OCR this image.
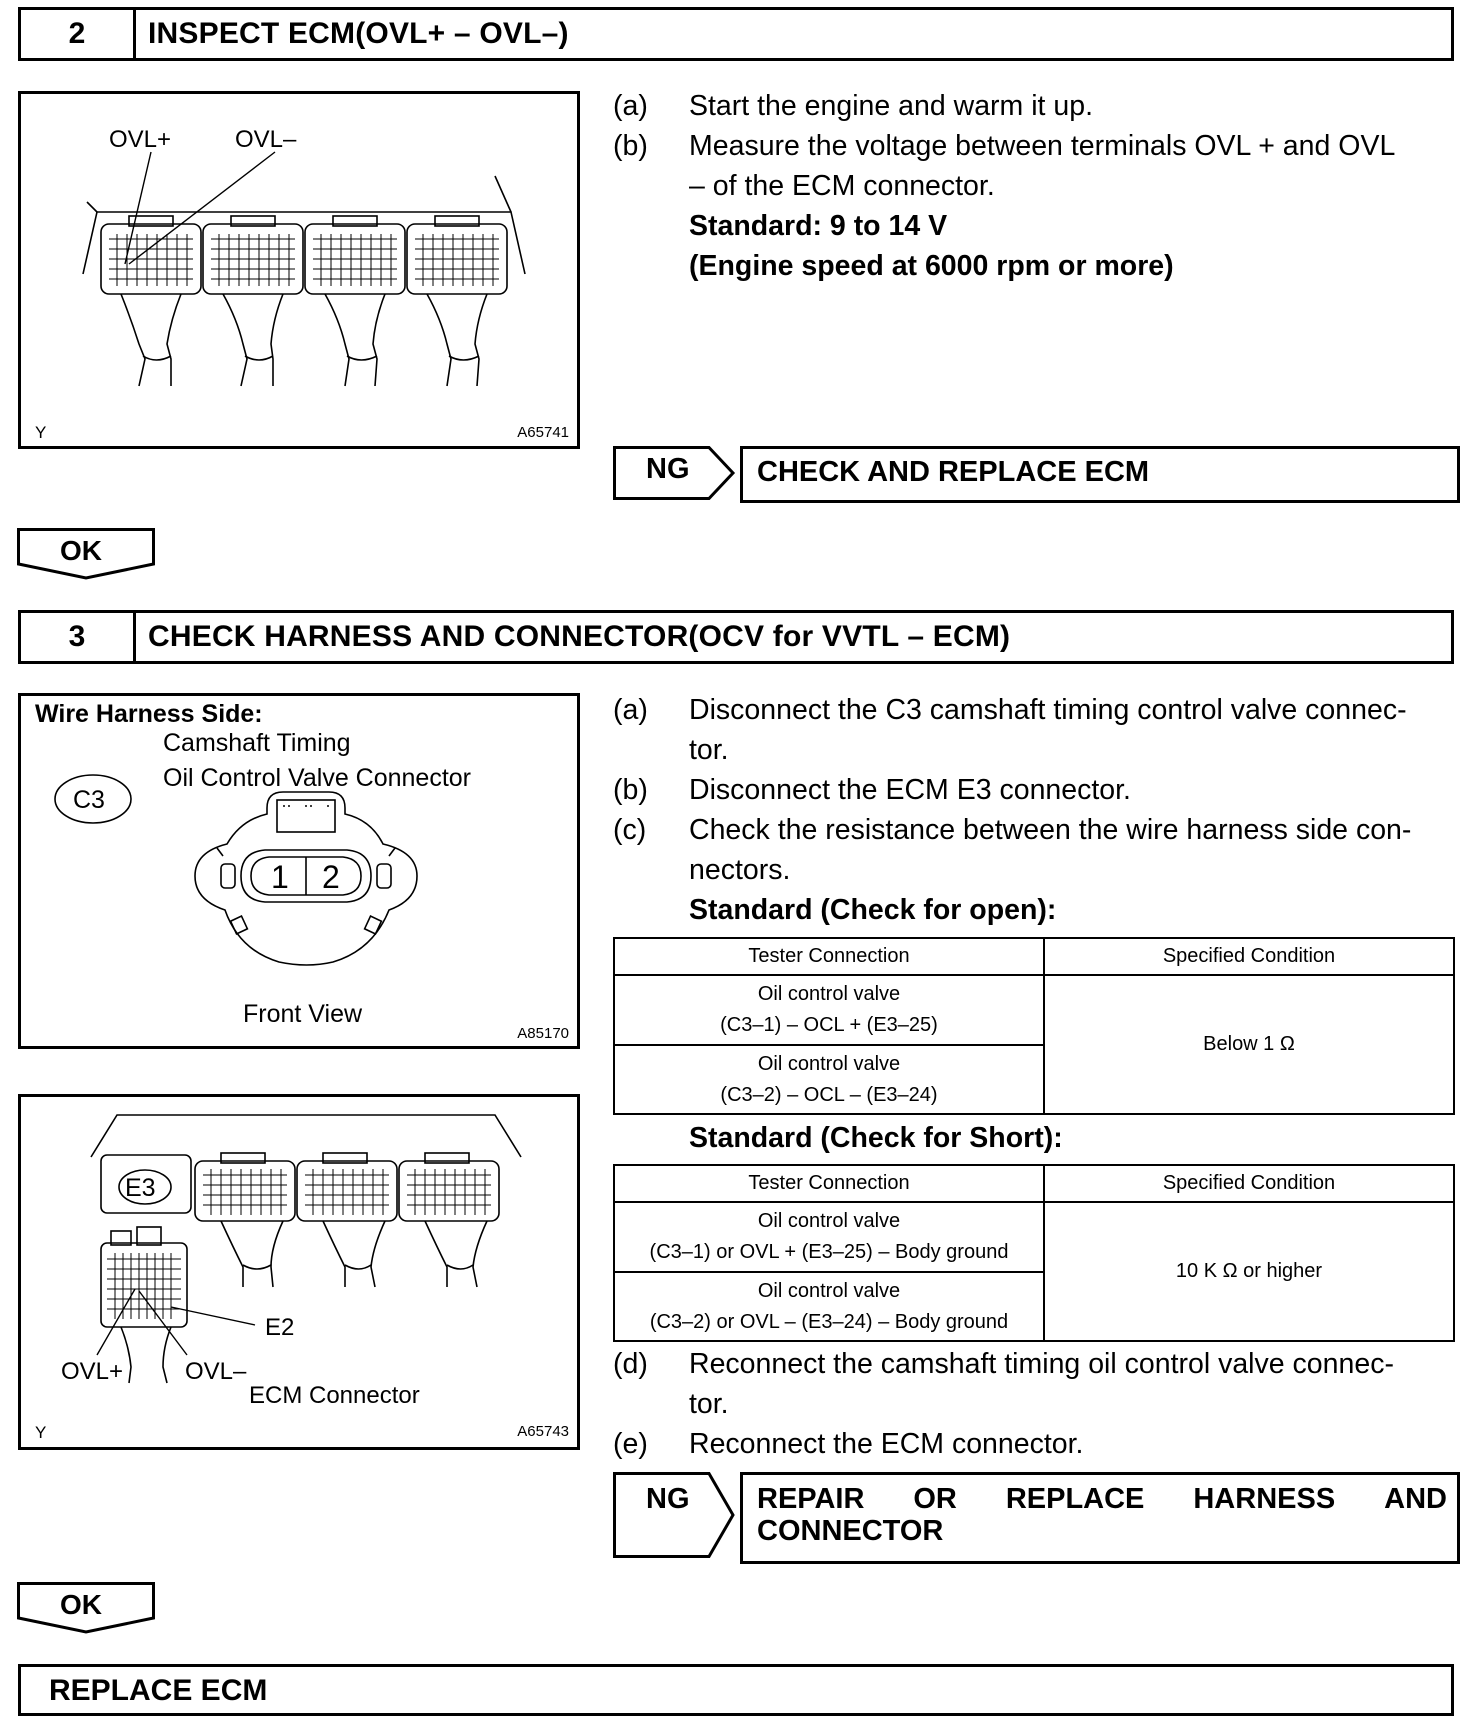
2	INSPECT ECM(OVL+ – OVL–)
OVL+	OVL–
Y	A65741
(a) Start the engine and warm it up.
(b) Measure the voltage between terminals OVL + and OVL
– of the ECM connector.
Standard: 9 to 14 V
(Engine speed at 6000 rpm or more)
NG CHECK AND REPLACE ECM
OK
3	CHECK HARNESS AND CONNECTOR(OCV for VVTL – ECM)
Wire Harness Side:
Camshaft Timing
Oil Control Valve Connector
C3
1 2
Front View
A85170
E3
E2
OVL+	OVL–
ECM Connector
Y	A65743
(a) Disconnect the C3 camshaft timing control valve connec-
tor.
(b) Disconnect the ECM E3 connector.
(c) Check the resistance between the wire harness side con-
nectors.
Standard (Check for open):
Tester Connection	Specified Condition

Oil control valve
(C3–1) – OCL + (E3–25)	Below 1 Ω

Oil control valve
(C3–2) – OCL – (E3–24)	
Standard (Check for Short):
Tester Connection	Specified Condition

Oil control valve
(C3–1) or OVL + (E3–25) – Body ground	10 K Ω or higher

Oil control valve
(C3–2) or OVL – (E3–24) – Body ground	
(d) Reconnect the camshaft timing oil control valve connec-
tor.
(e) Reconnect the ECM connector.
NG REPAIR OR REPLACE HARNESS AND
CONNECTOR
OK
REPLACE ECM
